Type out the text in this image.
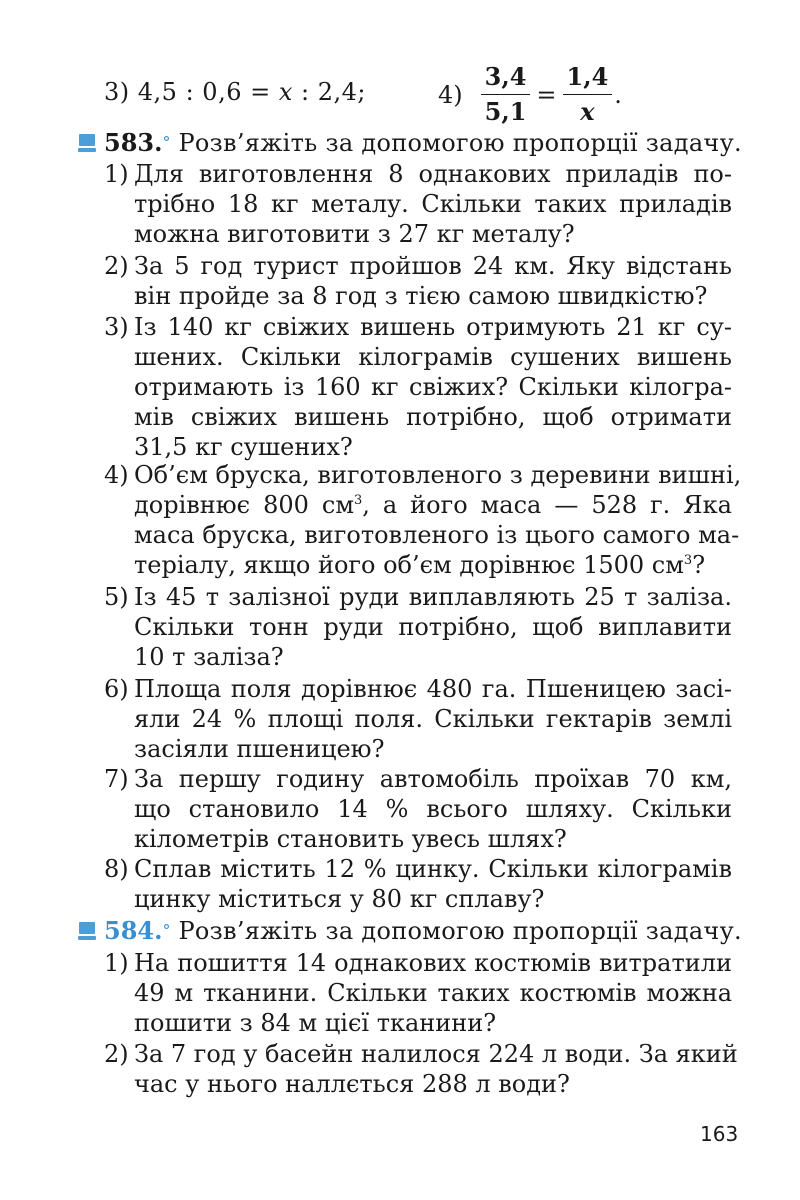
3) 4,5 : 0,6 = x : 2,4;	$4) \frac{3,4}{5,1} = \frac{1,4}{x}$ .
583. ° Розв’яжіть за допомогою пропорції задачу.
1) Для виготовлення 8 однакових приладів по-
трібно 18 кг металу. Скільки таких приладів
можна виготовити з 27 кг металу?
2) За 5 год турист пройшов 24 км. Яку відстань
він пройде за 8 год з тією самою швидкістю?
3) Із 140 кг свіжих вишень отримують 21 кг су-
шених. Скільки кілограмів сушених вишень
отримають із 160 кг свіжих? Скільки кілогра-
мів свіжих вишень потрібно, щоб отримати
31,5 кг сушених?
4) Об’єм бруска, виготовленого з деревини вишні,
дорівнює 800 $см^3$, а його маса — 528 г. Яка
маса бруска, виготовленого із цього самого ма-
теріалу, якщо його об’єм дорівнює 1500 $см^3$?
5) Із 45 т залізної руди виплавляють 25 т заліза.
Скільки тонн руди потрібно, щоб виплавити
10 т заліза?
6) Площа поля дорівнює 480 га. Пшеницею засі-
яли 24 % площі поля. Скільки гектарів землі
засіяли пшеницею?
7) За першу годину автомобіль проїхав 70 км,
що становило 14 % всього шляху. Скільки
кілометрів становить увесь шлях?
8) Сплав містить 12 % цинку. Скільки кілограмів
цинку міститься у 80 кг сплаву?
584. ° Розв’яжіть за допомогою пропорції задачу.
1) На пошиття 14 однакових костюмів витратили
49 м тканини. Скільки таких костюмів можна
пошити з 84 м цієї тканини?
2) За 7 год у басейн налилося 224 л води. За який
час у нього наллється 288 л води?
163
